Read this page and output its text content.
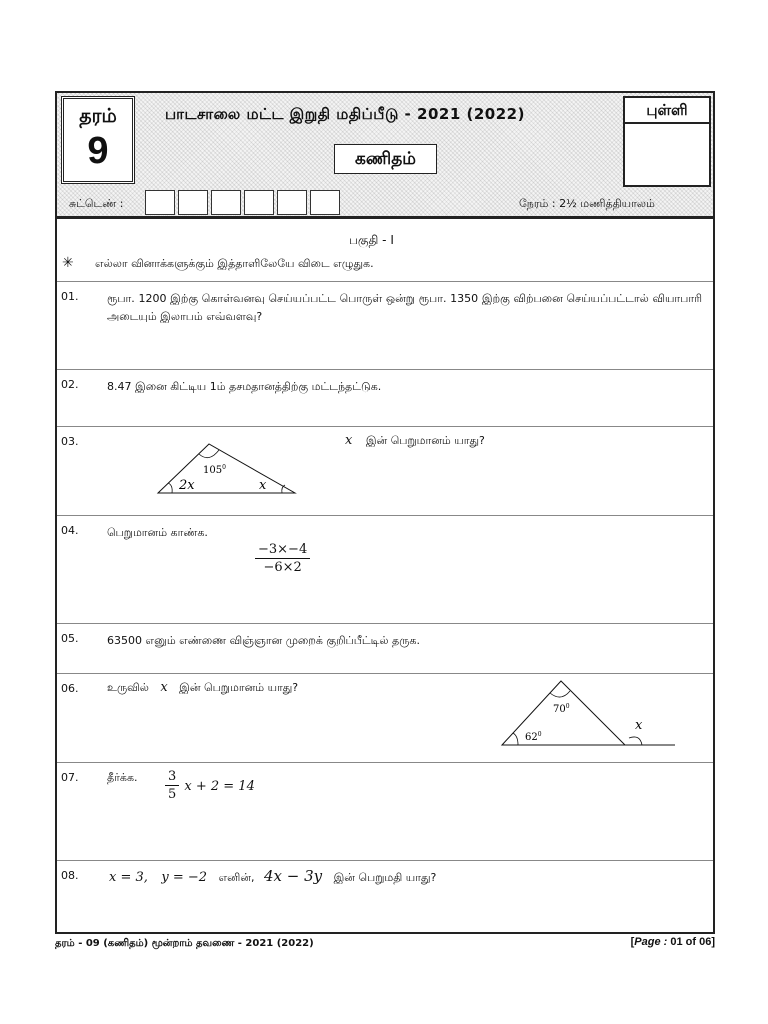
தரம்
9
பாடசாலை மட்ட இறுதி மதிப்பீடு - 2021 (2022)
கணிதம்
புள்ளி
சுட்டெண் :	நேரம் : 2½ மணித்தியாலம்
பகுதி - I
✳ எல்லா வினாக்களுக்கும் இத்தாளிலேயே விடை எழுதுக.
01.	ரூபா. 1200 இற்கு கொள்வனவு செய்யப்பட்ட பொருள் ஒன்று ரூபா. 1350 இற்கு விற்பனை செய்யப்பட்டால் வியாபாரி அடையும் இலாபம் எவ்வளவு?
02.	8.47 இனை கிட்டிய 1ம் தசமதானத்திற்கு மட்டந்தட்டுக.
03.	x இன் பெறுமானம் யாது?
$105^0$
2x	x
04.	பெறுமானம் காண்க.
$\frac{-3\times-4}{-6\times 2}$
05.	63500 எனும் எண்ணை விஞ்ஞான முறைக் குறிப்பீட்டில் தருக.
06.	உருவில் x இன் பெறுமானம் யாது?
$70^0$
$62^0$
x
07.	தீர்க்க. $\frac{3}{5}$ x + 2 = 14
08. x = 3, y = −2 எனின், 4x − 3y இன் பெறுமதி யாது?
தரம் - 09 (கணிதம்) மூன்றாம் தவணை - 2021 (2022)	[Page : 01 of 06]
